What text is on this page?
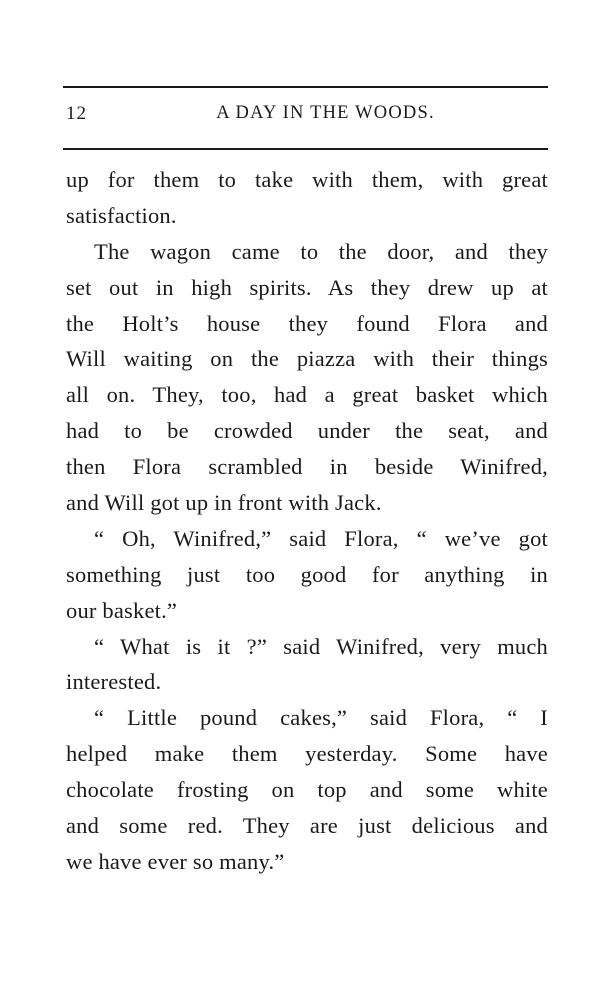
12	A DAY IN THE WOODS.
up for them to take with them, with great
satisfaction.
The wagon came to the door, and they
set out in high spirits. As they drew up at
the Holt’s house they found Flora and
Will waiting on the piazza with their things
all on. They, too, had a great basket which
had to be crowded under the seat, and
then Flora scrambled in beside Winifred,
and Will got up in front with Jack.
“ Oh, Winifred,” said Flora, “ we’ve got
something just too good for anything in
our basket.”
“ What is it ?” said Winifred, very much
interested.
“ Little pound cakes,” said Flora, “ I
helped make them yesterday. Some have
chocolate frosting on top and some white
and some red. They are just delicious and
we have ever so many.”
